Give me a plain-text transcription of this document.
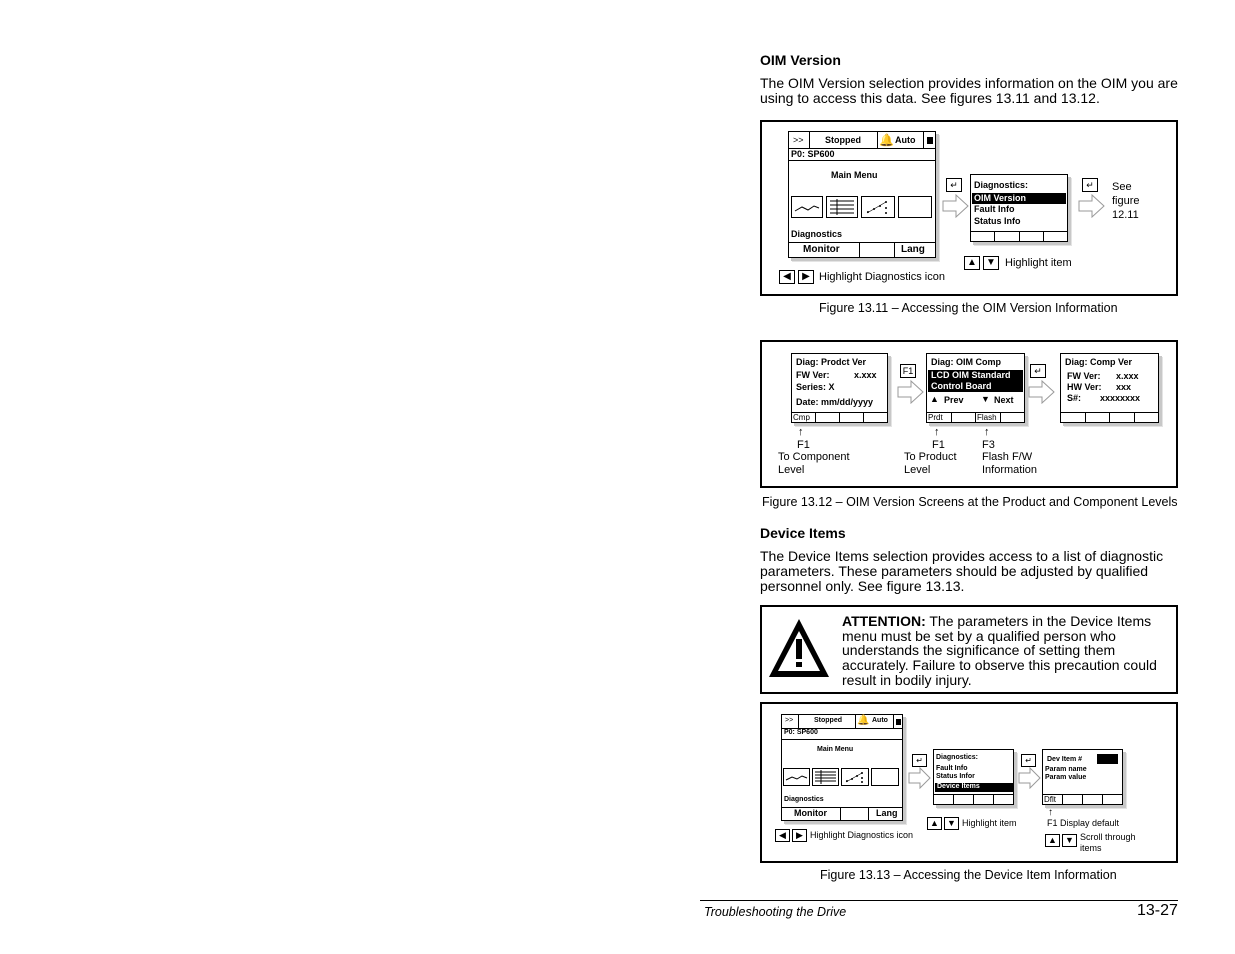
OIM Version
The OIM Version selection provides information on the OIM you are using to access this data. See figures 13.11 and 13.12.
>> Stopped 🔔 Auto
P0: SP600
Main Menu
Diagnostics
Monitor	Lang
↵	Diagnostics:
OIM Version
Fault Info
Status Info
↵	See figure 12.11
▲ ▼ Highlight item
◀	▶ Highlight Diagnostics icon
Figure 13.11 – Accessing the OIM Version Information
Diag: Prodct Ver
FW Ver:	x.xxx
Series: X
Date: mm/dd/yyyy
Cmp
F1
Diag: OIM Comp
LCD OIM Standard
Control Board
▲ Prev ▼ Next
Prdt	Flash
↵
Diag: Comp Ver
FW Ver: x.xxx
HW Ver: xxx
S#: xxxxxxxx
↑
F1
To Component
Level
↑
F1
To Product
Level
↑
F3
Flash F/W
Information
Figure 13.12 – OIM Version Screens at the Product and Component Levels
Device Items
The Device Items selection provides access to a list of diagnostic parameters. These parameters should be adjusted by qualified personnel only. See figure 13.13.
ATTENTION: The parameters in the Device Items menu must be set by a qualified person who understands the significance of setting them accurately. Failure to observe this precaution could result in bodily injury.
>>	Stopped 🔔 Auto
P0: SP600
Main Menu
Diagnostics
Monitor	Lang
↵	Diagnostics:
Fault Info
Status Infor
Device Items
↵	Dev Item #
Param name
Param value
Dflt
↑
F1 Display default
▲ ▼ Highlight item
▲ ▼ Scroll through
items
◀	▶ Highlight Diagnostics icon
Figure 13.13 – Accessing the Device Item Information
Troubleshooting the Drive	13-27
